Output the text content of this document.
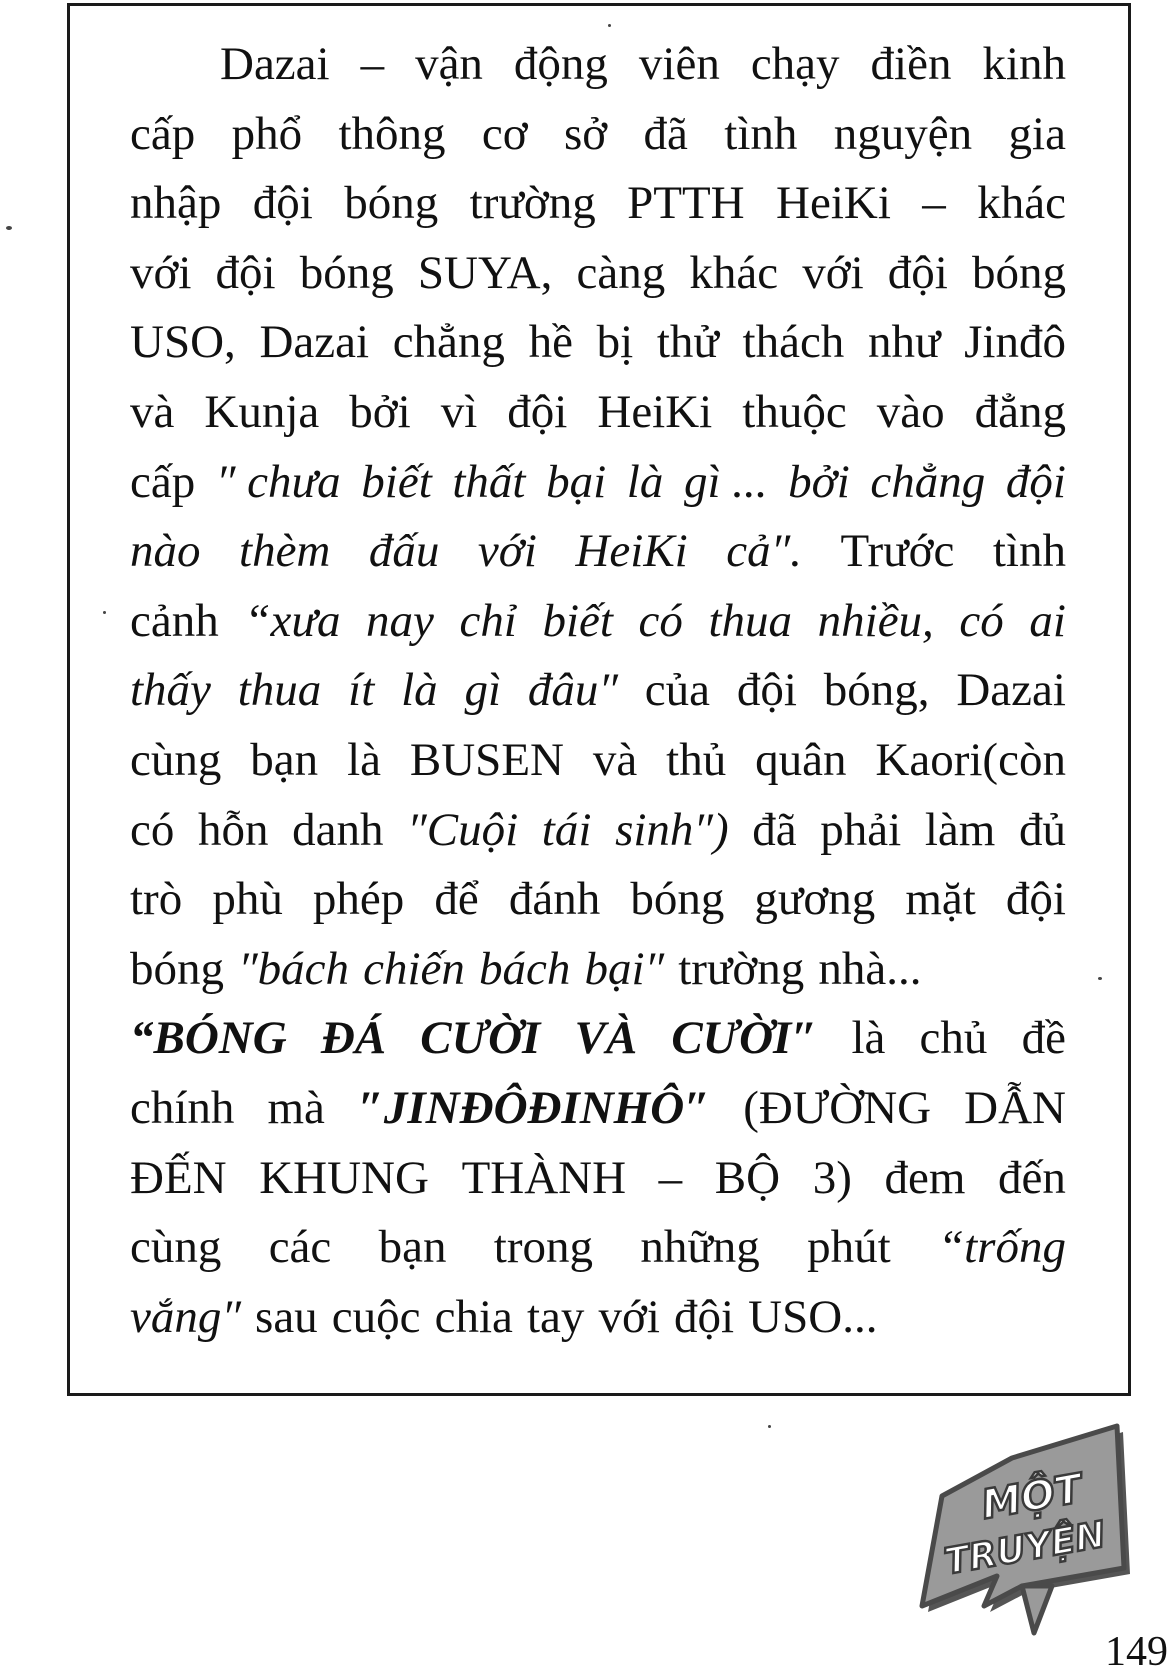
Dazai – vận động viên chạy điền kinh
cấp phổ thông cơ sở đã tình nguyện gia
nhập đội bóng trường PTTH HeiKi – khác
với đội bóng SUYA, càng khác với đội bóng
USO, Dazai chẳng hề bị thử thách như Jinđô
và Kunja bởi vì đội HeiKi thuộc vào đẳng
cấp ″ chưa biết thất bại là gì ... bởi chẳng đội
nào thèm đấu với HeiKi cả″. Trước tình
cảnh “xưa nay chỉ biết có thua nhiều, có ai
thấy thua ít là gì đâu″ của đội bóng, Dazai
cùng bạn là BUSEN và thủ quân Kaori(còn
có hỗn danh ″Cuội tái sinh″) đã phải làm đủ
trò phù phép để đánh bóng gương mặt đội
bóng ″bách chiến bách bại″ trường nhà...
“BÓNG ĐÁ CƯỜI VÀ CƯỜI″ là chủ đề
chính mà ″JINĐÔĐINHÔ″ (ĐƯỜNG DẪN
ĐẾN KHUNG THÀNH – BỘ 3) đem đến
cùng các bạn trong những phút “trống
vắng″ sau cuộc chia tay với đội USO...
MỘT
TRUYỆN
149
